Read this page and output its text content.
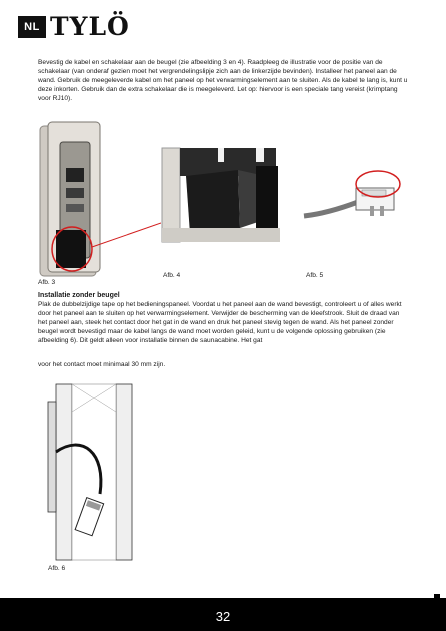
NL TYLÖ

Bevestig de kabel en schakelaar aan de beugel (zie afbeelding 3 en 4). Raadpleeg de illustratie voor de positie van de schakelaar (van onderaf gezien moet het vergrendelingslipje zich aan de linkerzijde bevinden). Installeer het paneel aan de wand. Gebruik de meegeleverde kabel om het paneel op het verwarmingselement aan te sluiten. Als de kabel te lang is, kunt u deze inkorten. Gebruik dan de extra schakelaar die is meegeleverd. Let op: hiervoor is een speciale tang vereist (krimptang voor RJ10).

Afb. 3
Afb. 4	Afb. 5
Installatie zonder beugel

Plak de dubbelzijdige tape op het bedieningspaneel. Voordat u het paneel aan de wand bevestigt, controleert u of alles werkt door het paneel aan te sluiten op het verwarmingselement. Verwijder de bescherming van de kleefstrook. Sluit de draad van het paneel aan, steek het contact door het gat in de wand en druk het paneel stevig tegen de wand. Als het paneel zonder beugel wordt bevestigd maar de kabel langs de wand moet worden geleid, kunt u de volgende oplossing gebruiken (zie afbeelding 6). Dit geldt alleen voor installatie binnen de saunacabine. Het gat

voor het contact moet minimaal 30 mm zijn.

Afb. 6
32
